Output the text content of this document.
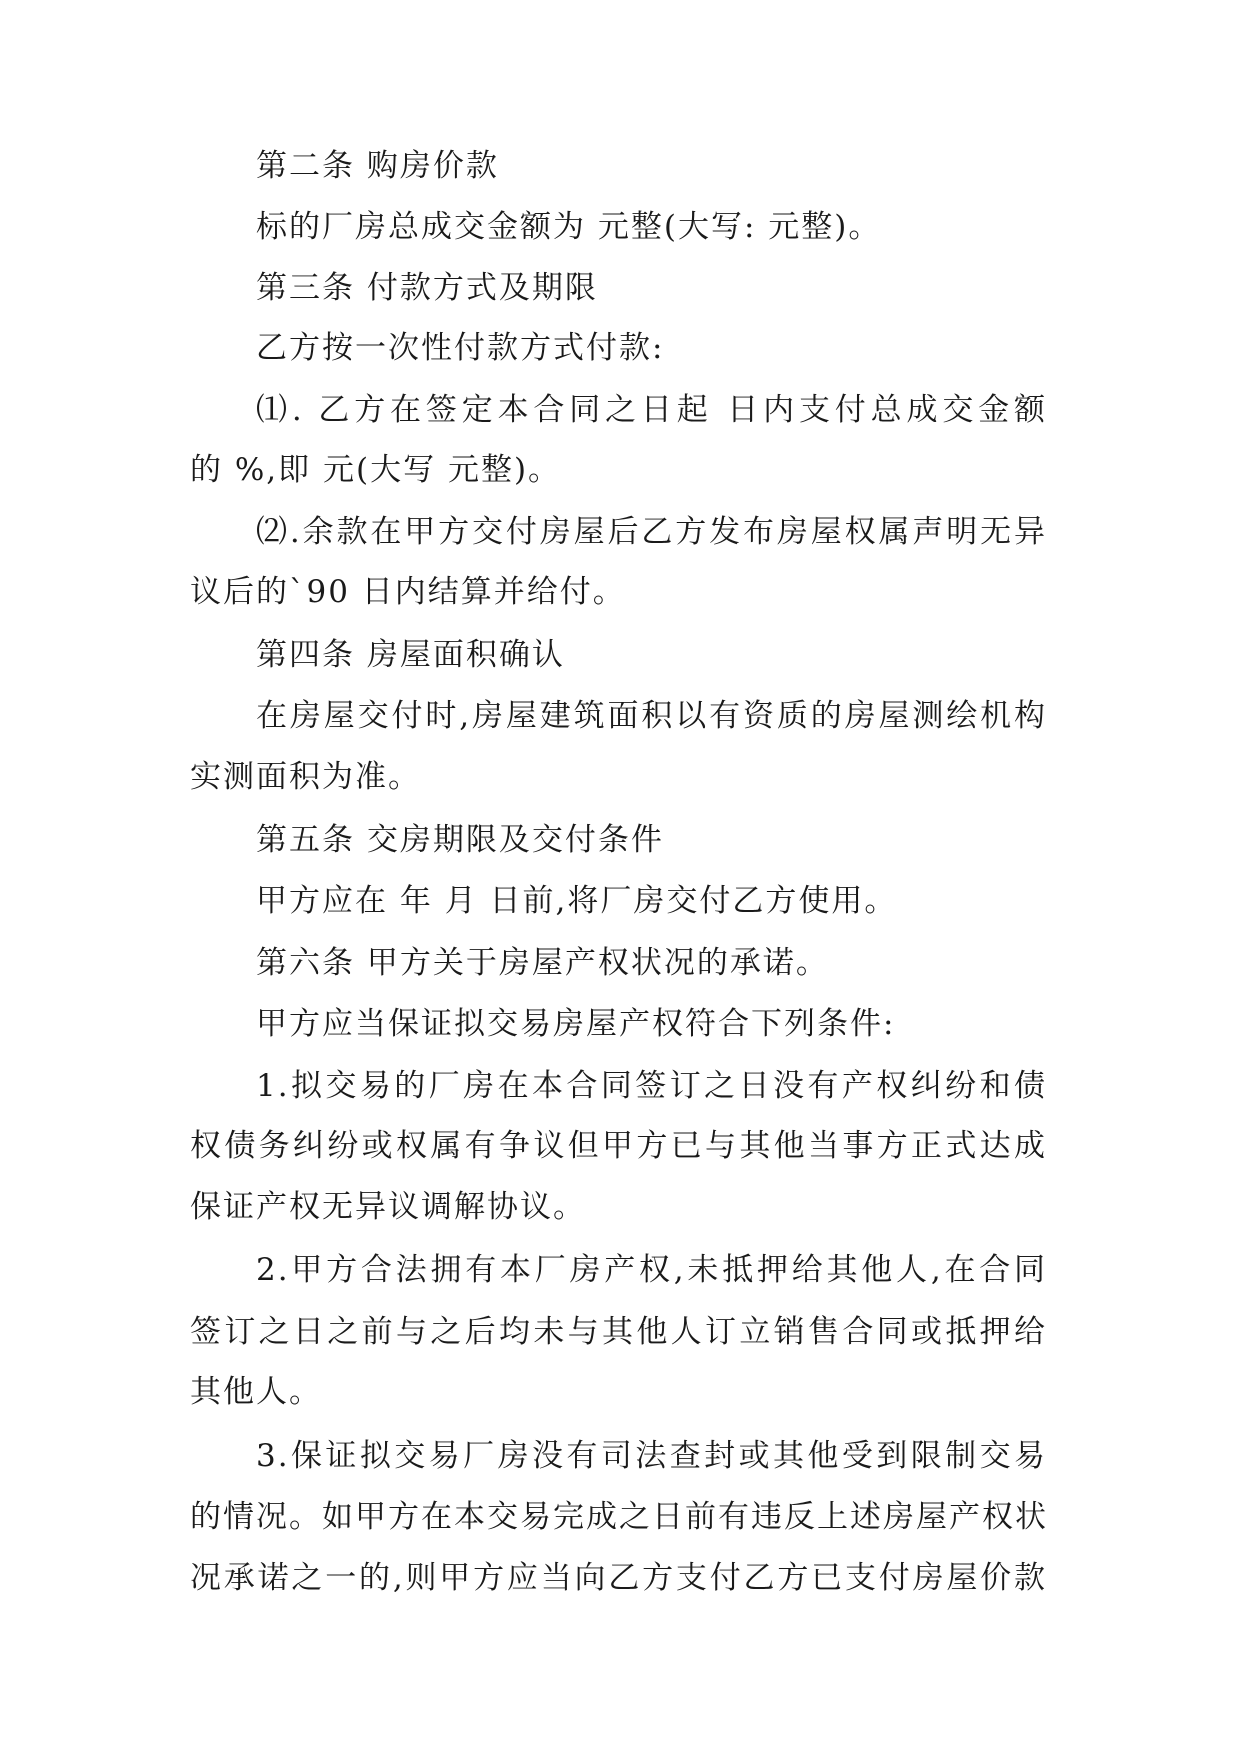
第二条 购房价款
标的厂房总成交金额为 元整(大写: 元整)。
第三条 付款方式及期限
乙方按一次性付款方式付款:
⑴. 乙方在签定本合同之日起 日内支付总成交金额
的 %,即 元(大写 元整)。
⑵.余款在甲方交付房屋后乙方发布房屋权属声明无异
议后的`90 日内结算并给付。
第四条 房屋面积确认
在房屋交付时,房屋建筑面积以有资质的房屋测绘机构
实测面积为准。
第五条 交房期限及交付条件
甲方应在 年 月 日前,将厂房交付乙方使用。
第六条 甲方关于房屋产权状况的承诺。
甲方应当保证拟交易房屋产权符合下列条件:
1.拟交易的厂房在本合同签订之日没有产权纠纷和债
权债务纠纷或权属有争议但甲方已与其他当事方正式达成
保证产权无异议调解协议。
2.甲方合法拥有本厂房产权,未抵押给其他人,在合同
签订之日之前与之后均未与其他人订立销售合同或抵押给
其他人。
3.保证拟交易厂房没有司法查封或其他受到限制交易
的情况。如甲方在本交易完成之日前有违反上述房屋产权状
况承诺之一的,则甲方应当向乙方支付乙方已支付房屋价款
